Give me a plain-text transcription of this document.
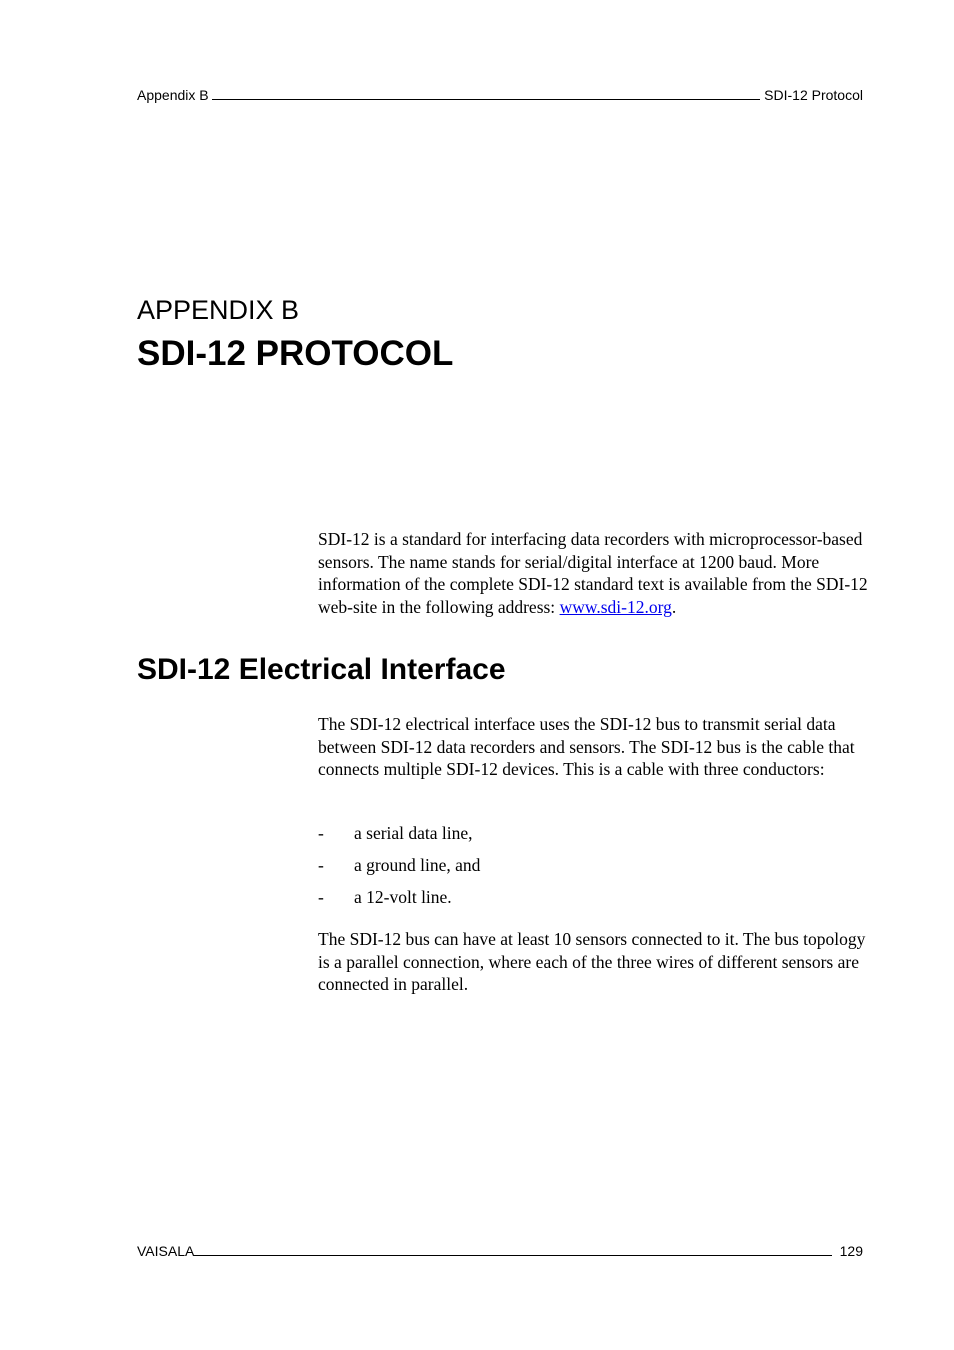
Appendix B	SDI-12 Protocol
APPENDIX B
SDI-12 PROTOCOL

SDI-12 is a standard for interfacing data recorders with microprocessor-based sensors. The name stands for serial/digital interface at 1200 baud. More information of the complete SDI-12 standard text is available from the SDI-12 web-site in the following address: www.sdi-12.org.

SDI-12 Electrical Interface

The SDI-12 electrical interface uses the SDI-12 bus to transmit serial data between SDI-12 data recorders and sensors. The SDI-12 bus is the cable that connects multiple SDI-12 devices. This is a cable with three conductors:

-	a serial data line,
-	a ground line, and
-	a 12-volt line.

The SDI-12 bus can have at least 10 sensors connected to it. The bus topology is a parallel connection, where each of the three wires of different sensors are connected in parallel.

VAISALA	129
